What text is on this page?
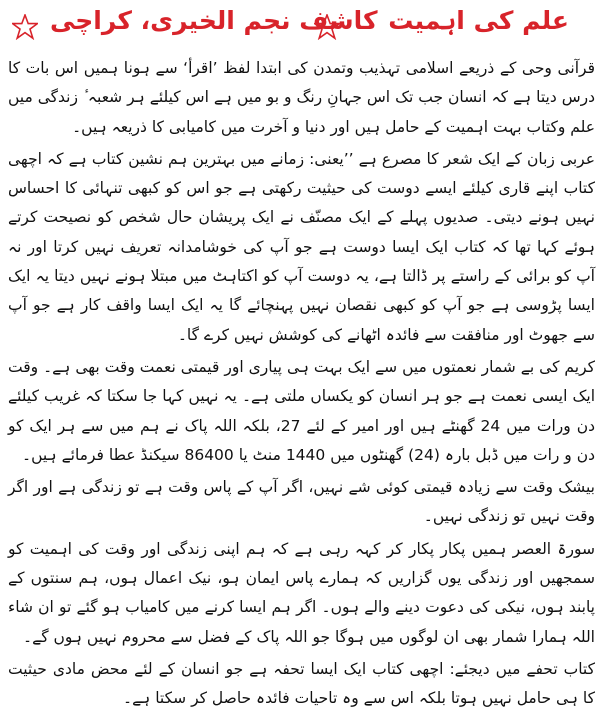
کاشف نجم الخیری، کراچی علم کی اہمیت

قرآنی وحی کے ذریعے اسلامی تہذیب وتمدن کی ابتدا لفظ ’اقرأ‘ سے ہونا ہمیں اس بات کا درس دیتا ہے کہ انسان جب تک اس جہانِ رنگ و بو میں ہے اس کیلئے ہر شعبہ ٔ زندگی میں علم وکتاب بہت اہمیت کے حامل ہیں اور دنیا و آخرت میں کامیابی کا ذریعہ ہیں۔

عربی زبان کے ایک شعر کا مصرع ہے ’’یعنی: زمانے میں بہترین ہم نشین کتاب ہے کہ اچھی کتاب اپنے قاری کیلئے ایسے دوست کی حیثیت رکھتی ہے جو اس کو کبھی تنہائی کا احساس نہیں ہونے دیتی۔ صدیوں پہلے کے ایک مصنّف نے ایک پریشان حال شخص کو نصیحت کرتے ہوئے کہا تھا کہ کتاب ایک ایسا دوست ہے جو آپ کی خوشامدانہ تعریف نہیں کرتا اور نہ آپ کو برائی کے راستے پر ڈالتا ہے، یہ دوست آپ کو اکتاہٹ میں مبتلا ہونے نہیں دیتا یہ ایک ایسا پڑوسی ہے جو آپ کو کبھی نقصان نہیں پہنچائے گا یہ ایک ایسا واقف کار ہے جو آپ سے جھوٹ اور منافقت سے فائدہ اٹھانے کی کوشش نہیں کرے گا۔

کریم کی بے شمار نعمتوں میں سے ایک بہت ہی پیاری اور قیمتی نعمت وقت بھی ہے۔ وقت ایک ایسی نعمت ہے جو ہر انسان کو یکساں ملتی ہے۔ یہ نہیں کہا جا سکتا کہ غریب کیلئے دن ورات میں 24 گھنٹے ہیں اور امیر کے لئے 27، بلکہ اللہ پاک نے ہم میں سے ہر ایک کو دن و رات میں ڈبل بارہ (24) گھنٹوں میں 1440 منٹ یا 86400 سیکنڈ عطا فرمائے ہیں۔

بیشک وقت سے زیادہ قیمتی کوئی شے نہیں، اگر آپ کے پاس وقت ہے تو زندگی ہے اور اگر وقت نہیں تو زندگی نہیں۔

سورۃ العصر ہمیں پکار پکار کر کہہ رہی ہے کہ ہم اپنی زندگی اور وقت کی اہمیت کو سمجھیں اور زندگی یوں گزاریں کہ ہمارے پاس ایمان ہو، نیک اعمال ہوں، ہم سنتوں کے پابند ہوں، نیکی کی دعوت دینے والے ہوں۔ اگر ہم ایسا کرنے میں کامیاب ہو گئے تو ان شاء اللہ ہمارا شمار بھی ان لوگوں میں ہوگا جو اللہ پاک کے فضل سے محروم نہیں ہوں گے۔

کتاب تحفے میں دیجئے: اچھی کتاب ایک ایسا تحفہ ہے جو انسان کے لئے محض مادی حیثیت کا ہی حامل نہیں ہوتا بلکہ اس سے وہ تاحیات فائدہ حاصل کر سکتا ہے۔
